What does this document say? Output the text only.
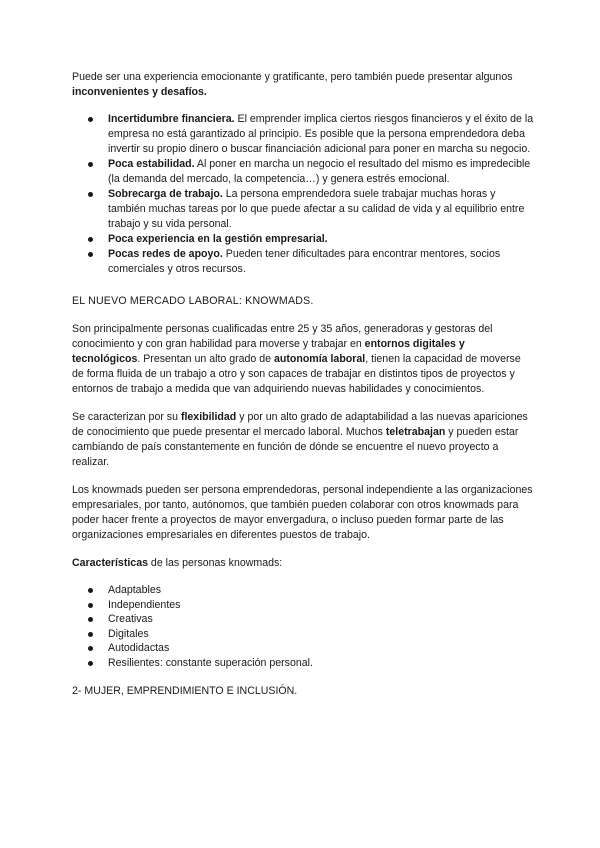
Puede ser una experiencia emocionante y gratificante, pero también puede presentar algunos inconvenientes y desafíos.

Incertidumbre financiera. El emprender implica ciertos riesgos financieros y el éxito de la empresa no está garantizado al principio. Es posible que la persona emprendedora deba invertir su propio dinero o buscar financiación adicional para poner en marcha su negocio.
Poca estabilidad. Al poner en marcha un negocio el resultado del mismo es impredecible (la demanda del mercado, la competencia…) y genera estrés emocional.
Sobrecarga de trabajo. La persona emprendedora suele trabajar muchas horas y también muchas tareas por lo que puede afectar a su calidad de vida y al equilibrio entre trabajo y su vida personal.
Poca experiencia en la gestión empresarial.
Pocas redes de apoyo. Pueden tener dificultades para encontrar mentores, socios comerciales y otros recursos.

EL NUEVO MERCADO LABORAL: KNOWMADS.

Son principalmente personas cualificadas entre 25 y 35 años, generadoras y gestoras del conocimiento y con gran habilidad para moverse y trabajar en entornos digitales y tecnológicos. Presentan un alto grado de autonomía laboral, tienen la capacidad de moverse de forma fluida de un trabajo a otro y son capaces de trabajar en distintos tipos de proyectos y entornos de trabajo a medida que van adquiriendo nuevas habilidades y conocimientos.

Se caracterizan por su flexibilidad y por un alto grado de adaptabilidad a las nuevas apariciones de conocimiento que puede presentar el mercado laboral. Muchos teletrabajan y pueden estar cambiando de país constantemente en función de dónde se encuentre el nuevo proyecto a realizar.

Los knowmads pueden ser persona emprendedoras, personal independiente a las organizaciones empresariales, por tanto, autónomos, que también pueden colaborar con otros knowmads para poder hacer frente a proyectos de mayor envergadura, o incluso pueden formar parte de las organizaciones empresariales en diferentes puestos de trabajo.

Características de las personas knowmads:

Adaptables
Independientes
Creativas
Digitales
Autodidactas
Resilientes: constante superación personal.

2- MUJER, EMPRENDIMIENTO E INCLUSIÓN.
